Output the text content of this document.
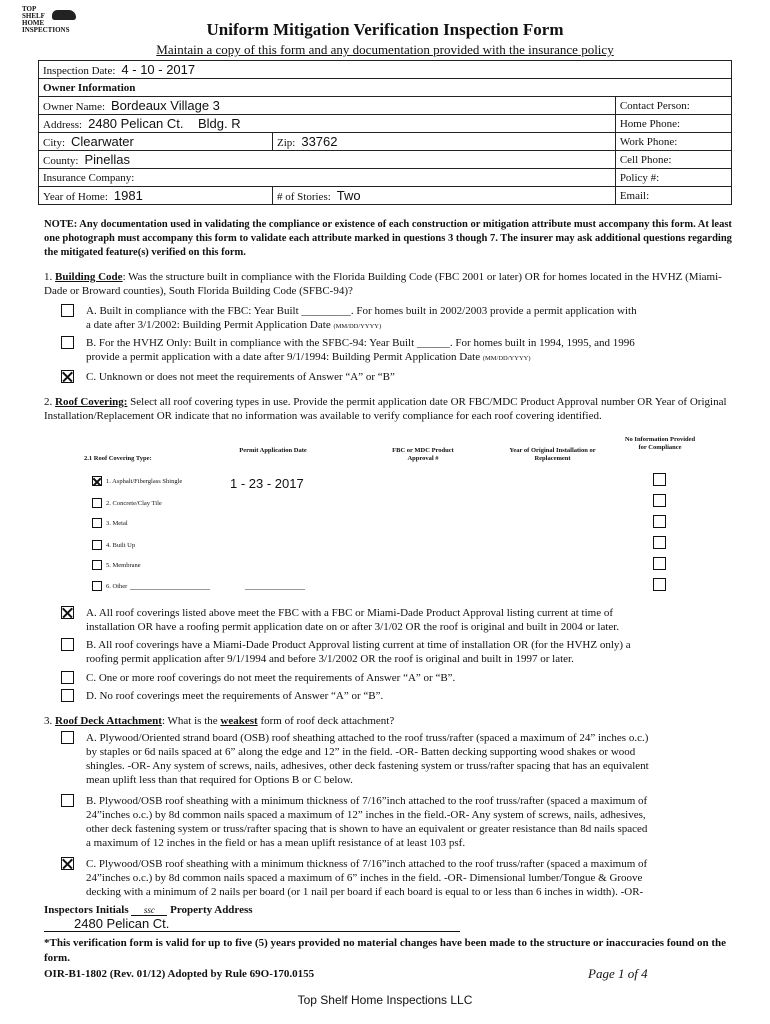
TOP
SHELF
HOME
INSPECTIONS	Uniform Mitigation Verification Inspection Form
Maintain a copy of this form and any documentation provided with the insurance policy
Inspection Date: 4 - 10 - 2017		
Owner Information		
Owner Name: Bordeaux Village 3		Contact Person:
Address: 2480 Pelican Ct.    Bldg. R		Home Phone:
City: Clearwater	Zip: 33762	Work Phone:
County: Pinellas		Cell Phone:
Insurance Company:		Policy #:
Year of Home: 1981	# of Stories: Two	Email:
NOTE: Any documentation used in validating the compliance or existence of each construction or mitigation attribute must accompany this form. At least one photograph must accompany this form to validate each attribute marked in questions 3 though 7. The insurer may ask additional questions regarding the mitigated feature(s) verified on this form.
1. Building Code: Was the structure built in compliance with the Florida Building Code (FBC 2001 or later) OR for homes located in the HVHZ (Miami-Dade or Broward counties), South Florida Building Code (SFBC-94)?
A. Built in compliance with the FBC: Year Built _________. For homes built in 2002/2003 provide a permit application with
a date after 3/1/2002: Building Permit Application Date (MM/DD/YYYY)
B. For the HVHZ Only: Built in compliance with the SFBC-94: Year Built ______. For homes built in 1994, 1995, and 1996
provide a permit application with a date after 9/1/1994: Building Permit Application Date (MM/DD/YYYY)
C. Unknown or does not meet the requirements of Answer “A” or “B”
2. Roof Covering: Select all roof covering types in use. Provide the permit application date OR FBC/MDC Product Approval number OR Year of Original Installation/Replacement OR indicate that no information was available to verify compliance for each roof covering identified.
2.1 Roof Covering Type:
Permit Application Date	FBC or MDC Product Approval #
Year of Original Installation or Replacement
No Information Provided for Compliance
1. Asphalt/Fiberglass Shingle	1 - 23 - 2017
2. Concrete/Clay Tile
3. Metal
4. Built Up
5. Membrane
6. Other
A. All roof coverings listed above meet the FBC with a FBC or Miami-Dade Product Approval listing current at time of
installation OR have a roofing permit application date on or after 3/1/02 OR the roof is original and built in 2004 or later.
B. All roof coverings have a Miami-Dade Product Approval listing current at time of installation OR (for the HVHZ only) a
roofing permit application after 9/1/1994 and before 3/1/2002 OR the roof is original and built in 1997 or later.
C. One or more roof coverings do not meet the requirements of Answer “A” or “B”.
D. No roof coverings meet the requirements of Answer “A” or “B”.
3. Roof Deck Attachment: What is the weakest form of roof deck attachment?
A. Plywood/Oriented strand board (OSB) roof sheathing attached to the roof truss/rafter (spaced a maximum of 24” inches o.c.)
by staples or 6d nails spaced at 6” along the edge and 12” in the field. -OR- Batten decking supporting wood shakes or wood
shingles. -OR- Any system of screws, nails, adhesives, other deck fastening system or truss/rafter spacing that has an equivalent
mean uplift less than that required for Options B or C below.
B. Plywood/OSB roof sheathing with a minimum thickness of 7/16”inch attached to the roof truss/rafter (spaced a maximum of
24”inches o.c.) by 8d common nails spaced a maximum of 12” inches in the field.-OR- Any system of screws, nails, adhesives,
other deck fastening system or truss/rafter spacing that is shown to have an equivalent or greater resistance than 8d nails spaced
a maximum of 12 inches in the field or has a mean uplift resistance of at least 103 psf.
C. Plywood/OSB roof sheathing with a minimum thickness of 7/16”inch attached to the roof truss/rafter (spaced a maximum of
24”inches o.c.) by 8d common nails spaced a maximum of 6” inches in the field. -OR- Dimensional lumber/Tongue & Groove
decking with a minimum of 2 nails per board (or 1 nail per board if each board is equal to or less than 6 inches in width). -OR-
Inspectors Initials ssc Property Address2480 Pelican Ct.
*This verification form is valid for up to five (5) years provided no material changes have been made to the structure or inaccuracies found on the form.
OIR-B1-1802 (Rev. 01/12) Adopted by Rule 69O-170.0155	Page 1 of 4
Top Shelf Home Inspections LLC
